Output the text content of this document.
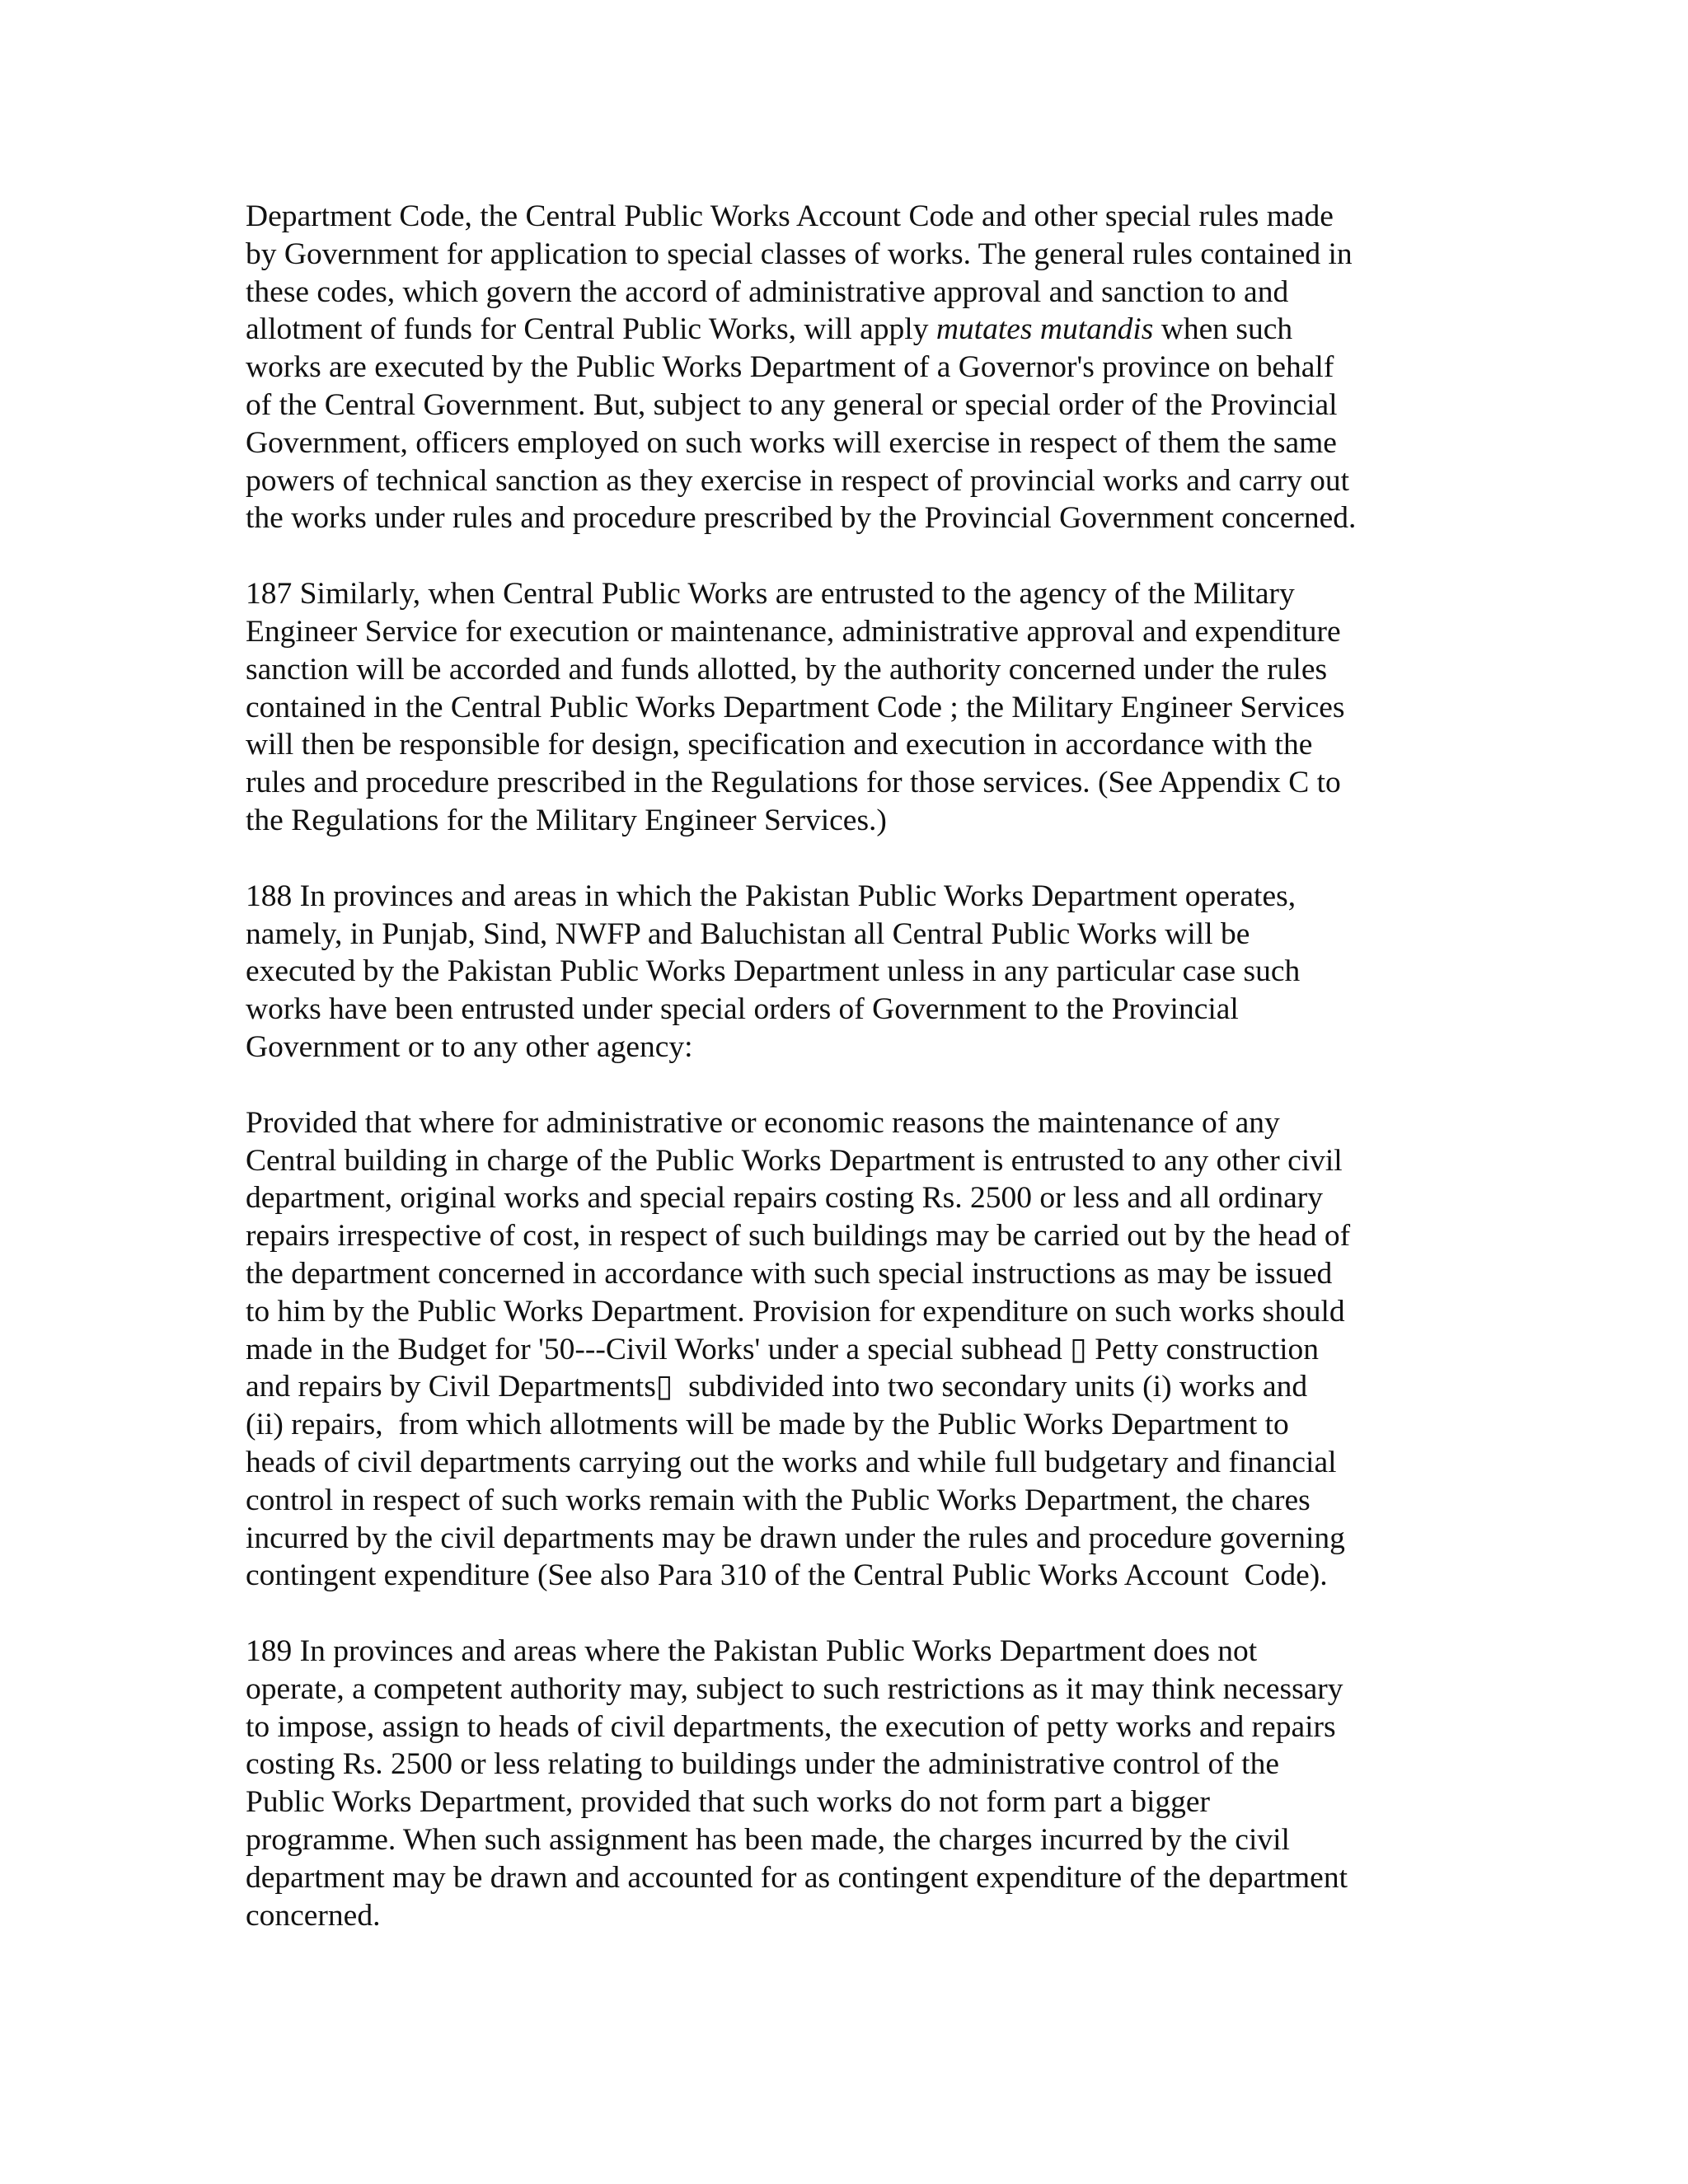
Department Code, the Central Public Works Account Code and other special rules made
by Government for application to special classes of works. The general rules contained in
these codes, which govern the accord of administrative approval and sanction to and
allotment of funds for Central Public Works, will apply mutates mutandis when such
works are executed by the Public Works Department of a Governor's province on behalf
of the Central Government. But, subject to any general or special order of the Provincial
Government, officers employed on such works will exercise in respect of them the same
powers of technical sanction as they exercise in respect of provincial works and carry out
the works under rules and procedure prescribed by the Provincial Government concerned.

187 Similarly, when Central Public Works are entrusted to the agency of the Military
Engineer Service for execution or maintenance, administrative approval and expenditure
sanction will be accorded and funds allotted, by the authority concerned under the rules
contained in the Central Public Works Department Code ; the Military Engineer Services
will then be responsible for design, specification and execution in accordance with the
rules and procedure prescribed in the Regulations for those services. (See Appendix C to
the Regulations for the Military Engineer Services.)

188 In provinces and areas in which the Pakistan Public Works Department operates,
namely, in Punjab, Sind, NWFP and Baluchistan all Central Public Works will be
executed by the Pakistan Public Works Department unless in any particular case such
works have been entrusted under special orders of Government to the Provincial
Government or to any other agency:

Provided that where for administrative or economic reasons the maintenance of any
Central building in charge of the Public Works Department is entrusted to any other civil
department, original works and special repairs costing Rs. 2500 or less and all ordinary
repairs irrespective of cost, in respect of such buildings may be carried out by the head of
the department concerned in accordance with such special instructions as may be issued
to him by the Public Works Department. Provision for expenditure on such works should
made in the Budget for '50---Civil Works' under a special subhead ▯ Petty construction
and repairs by Civil Departments▯  subdivided into two secondary units (i) works and
(ii) repairs,  from which allotments will be made by the Public Works Department to
heads of civil departments carrying out the works and while full budgetary and financial
control in respect of such works remain with the Public Works Department, the chares
incurred by the civil departments may be drawn under the rules and procedure governing
contingent expenditure (See also Para 310 of the Central Public Works Account  Code).

189 In provinces and areas where the Pakistan Public Works Department does not
operate, a competent authority may, subject to such restrictions as it may think necessary
to impose, assign to heads of civil departments, the execution of petty works and repairs
costing Rs. 2500 or less relating to buildings under the administrative control of the
Public Works Department, provided that such works do not form part a bigger
programme. When such assignment has been made, the charges incurred by the civil
department may be drawn and accounted for as contingent expenditure of the department
concerned.
